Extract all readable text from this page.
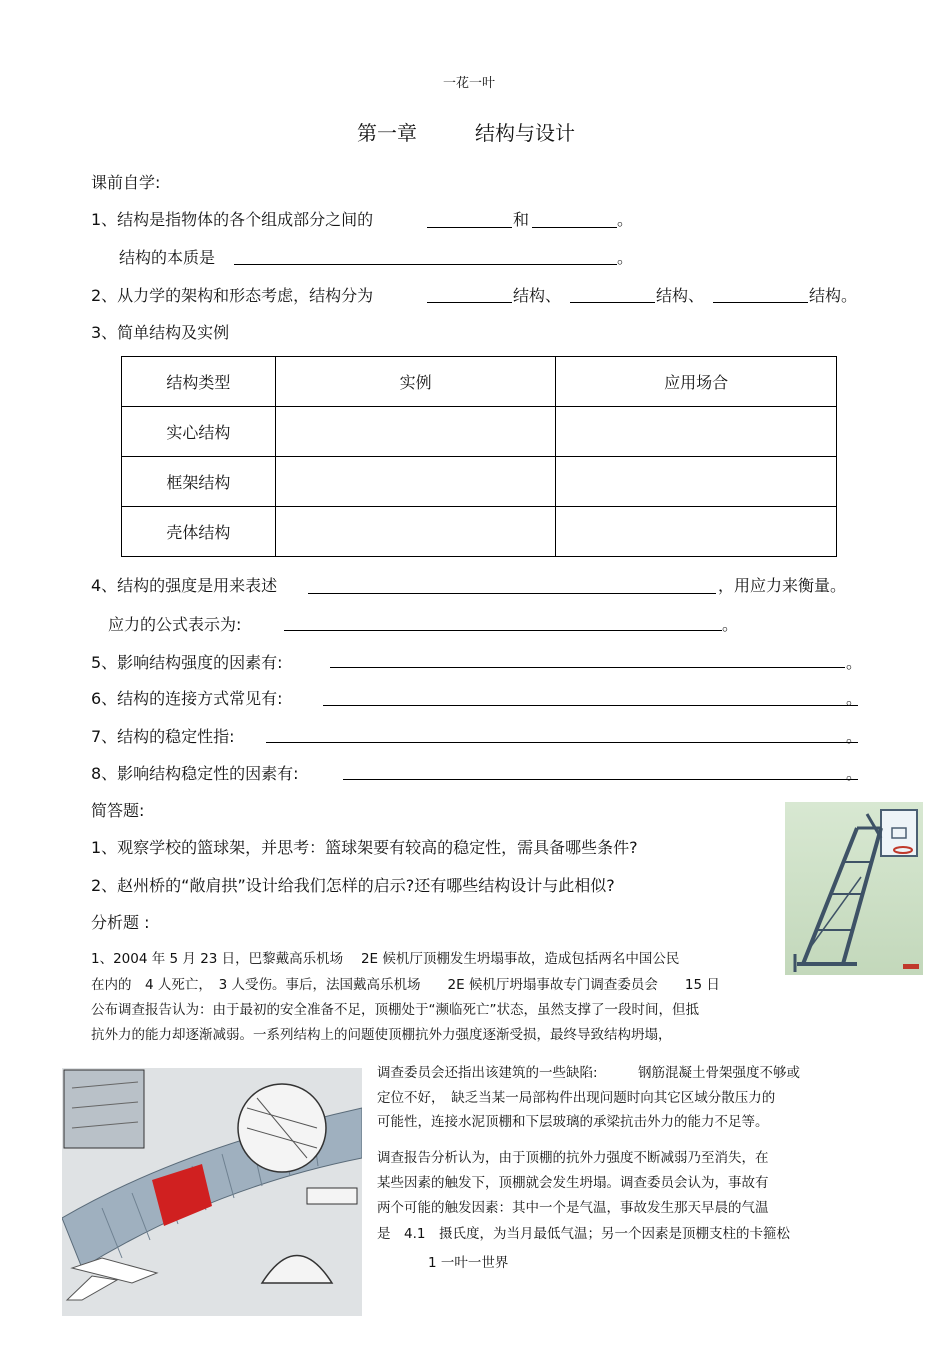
一花一叶
第一章	结构与设计
课前自学:
1、结构是指物体的各个组成部分之间的	和	。
结构的本质是	。
2、从力学的架构和形态考虑，结构分为	结构、	结构、	结构。
3、简单结构及实例
结构类型	实例	应用场合
实心结构		
框架结构		
壳体结构		
4、结构的强度是用来表述	，用应力来衡量。
应力的公式表示为:	。
5、影响结构强度的因素有:	。
6、结构的连接方式常见有:	。
7、结构的稳定性指:	。
8、影响结构稳定性的因素有:	。
简答题:
1、观察学校的篮球架，并思考：篮球架要有较高的稳定性，需具备哪些条件?
2、赵州桥的“敞肩拱”设计给我们怎样的启示?还有哪些结构设计与此相似?
分析题 :
1、2004 年 5 月 23 日，巴黎戴高乐机场　 2E 候机厅顶棚发生坍塌事故，造成包括两名中国公民
在内的　4 人死亡，　3 人受伤。事后，法国戴高乐机场　　2E 候机厅坍塌事故专门调查委员会　　15 日
公布调查报告认为：由于最初的安全准备不足，顶棚处于“濒临死亡”状态，虽然支撑了一段时间，但抵
抗外力的能力却逐渐减弱。一系列结构上的问题使顶棚抗外力强度逐渐受损，最终导致结构坍塌，
调查委员会还指出该建筑的一些缺陷:　　　钢筋混凝土骨架强度不够或
定位不好，　缺乏当某一局部构件出现问题时向其它区域分散压力的
可能性，连接水泥顶棚和下层玻璃的承梁抗击外力的能力不足等。
调查报告分析认为，由于顶棚的抗外力强度不断减弱乃至消失，在
某些因素的触发下，顶棚就会发生坍塌。调查委员会认为，事故有
两个可能的触发因素：其中一个是气温，事故发生那天早晨的气温
是　4.1　摄氏度，为当月最低气温；另一个因素是顶棚支柱的卡箍松
1 一叶一世界
